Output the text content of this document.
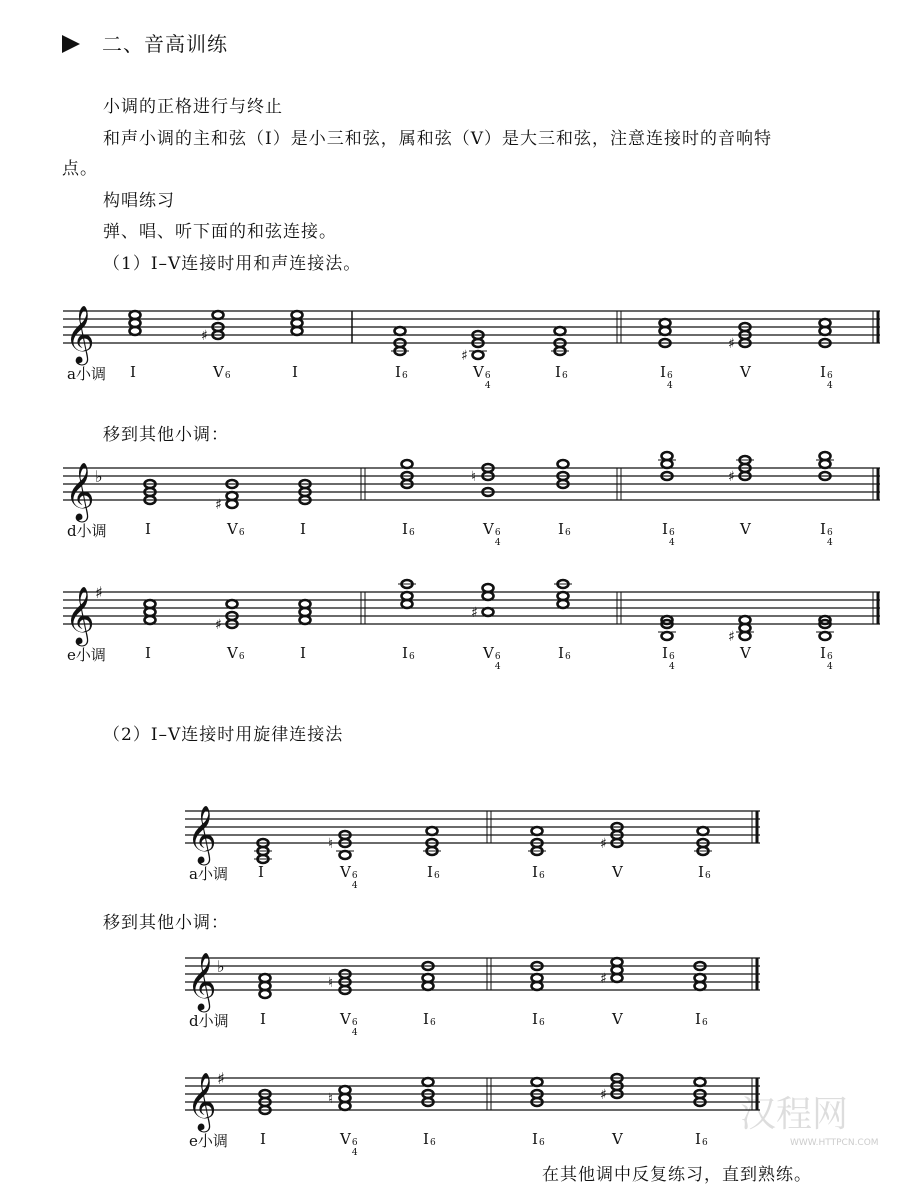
二、音高训练
小调的正格进行与终止
和声小调的主和弦（Ⅰ）是小三和弦，属和弦（Ⅴ）是大三和弦，注意连接时的音响特
点。
构唱练习
弹、唱、听下面的和弦连接。
（1）Ⅰ–Ⅴ连接时用和声连接法。
移到其他小调：
（2）Ⅰ–Ⅴ连接时用旋律连接法
移到其他小调：
在其他调中反复练习，直到熟练。
汉程网
WWW.HTTPCN.COM
𝄞	♯
♯
♯
I	V 6	I	I 6	V 6
4
I 6	I 6
4
V	I 6
4
a小调
𝄞 ♭
♯
♮	♯
I	V 6	I	I 6	V 6
4
I 6	I 6
4
V	I 6
4
d小调
𝄞 ♯
♯
♯
♯
I	V 6	I	I 6	V 6
4
I 6	I 6
4
V	I 6
4
e小调
𝄞	♮	♯
I	V 6
4
I 6	I 6	V	I 6
a小调
𝄞 ♭
♮	♯
I	V 6
4
I 6	I 6	V	I 6
d小调
𝄞 ♯
♮	♯
I	V 6
4
I 6	I 6	V	I 6
e小调
